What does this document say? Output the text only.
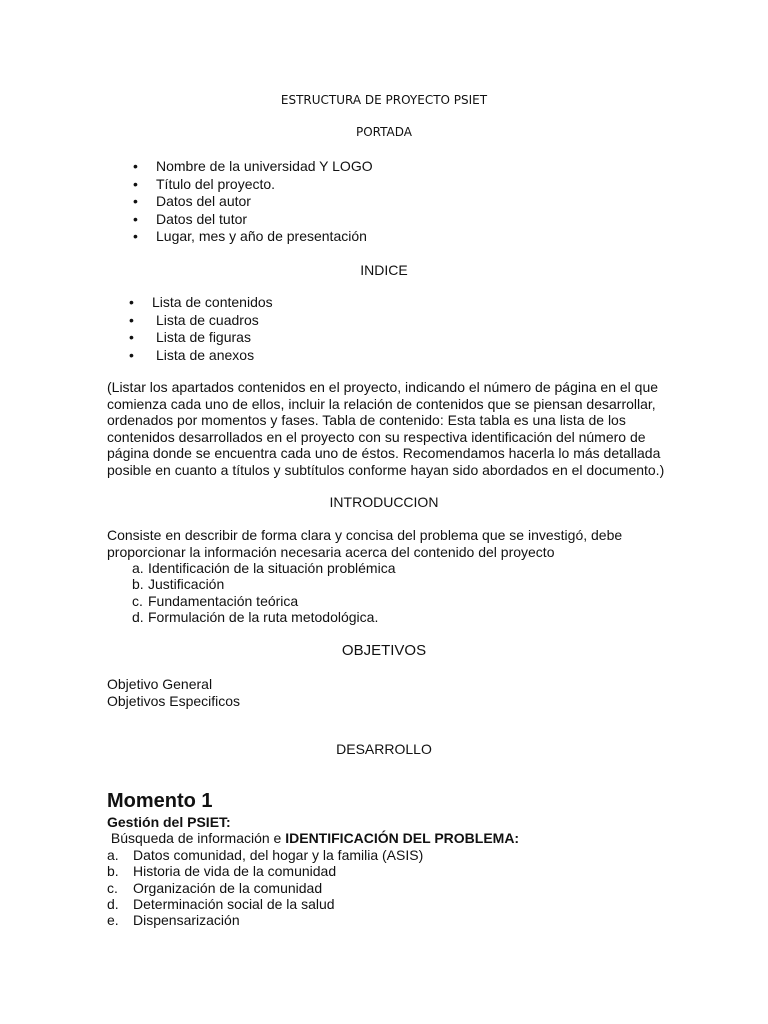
ESTRUCTURA DE PROYECTO PSIET
PORTADA
• Nombre de la universidad Y LOGO
• Título del proyecto.
• Datos del autor
• Datos del tutor
• Lugar, mes y año de presentación
INDICE
• Lista de contenidos
• Lista de cuadros
• Lista de figuras
• Lista de anexos
(Listar los apartados contenidos en el proyecto, indicando el número de página en el que
comienza cada uno de ellos, incluir la relación de contenidos que se piensan desarrollar,
ordenados por momentos y fases. Tabla de contenido: Esta tabla es una lista de los
contenidos desarrollados en el proyecto con su respectiva identificación del número de
página donde se encuentra cada uno de éstos. Recomendamos hacerla lo más detallada
posible en cuanto a títulos y subtítulos conforme hayan sido abordados en el documento.)
INTRODUCCION
Consiste en describir de forma clara y concisa del problema que se investigó, debe
proporcionar la información necesaria acerca del contenido del proyecto
a. Identificación de la situación problémica
b. Justificación
c. Fundamentación teórica
d. Formulación de la ruta metodológica.
OBJETIVOS
Objetivo General
Objetivos Especificos
DESARROLLO
Momento 1
Gestión del PSIET:
Búsqueda de información e IDENTIFICACIÓN DEL PROBLEMA:
a. Datos comunidad, del hogar y la familia (ASIS)
b. Historia de vida de la comunidad
c. Organización de la comunidad
d. Determinación social de la salud
e. Dispensarización
